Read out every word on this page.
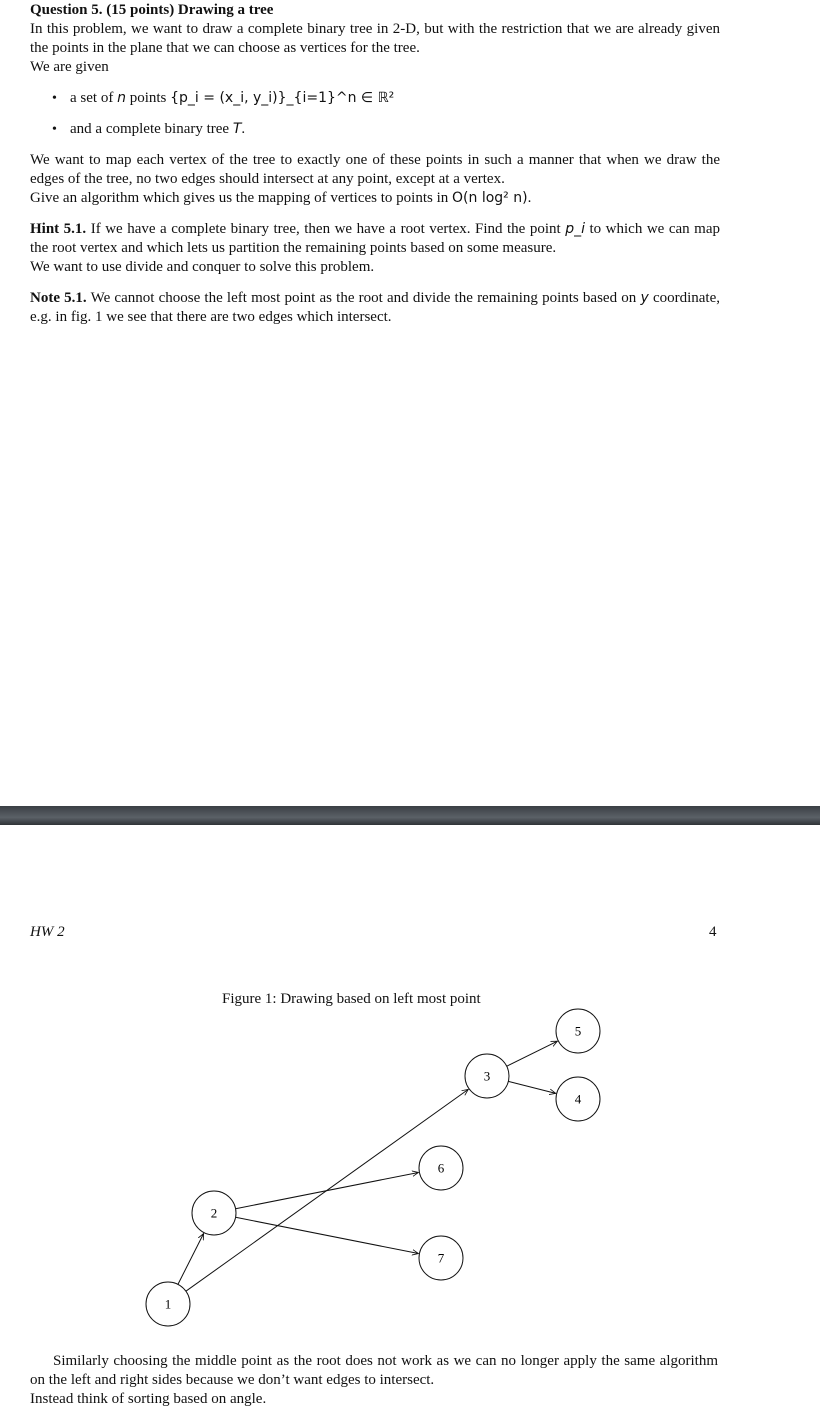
Question 5. (15 points) Drawing a tree

In this problem, we want to draw a complete binary tree in 2-D, but with the restriction that we are already given the points in the plane that we can choose as vertices for the tree.

We are given

• a set of n points {p_i = (x_i, y_i)}_{i=1}^n ∈ ℝ²
• and a complete binary tree T.

We want to map each vertex of the tree to exactly one of these points in such a manner that when we draw the edges of the tree, no two edges should intersect at any point, except at a vertex.

Give an algorithm which gives us the mapping of vertices to points in O(n log² n).

Hint 5.1. If we have a complete binary tree, then we have a root vertex. Find the point p_i to which we can map the root vertex and which lets us partition the remaining points based on some measure.

We want to use divide and conquer to solve this problem.

Note 5.1. We cannot choose the left most point as the root and divide the remaining points based on y coordinate, e.g. in fig. 1 we see that there are two edges which intersect.

HW 2	4
Figure 1: Drawing based on left most point
1
2
3
4
5
6
7

Similarly choosing the middle point as the root does not work as we can no longer apply the same algorithm on the left and right sides because we don’t want edges to intersect.

Instead think of sorting based on angle.
